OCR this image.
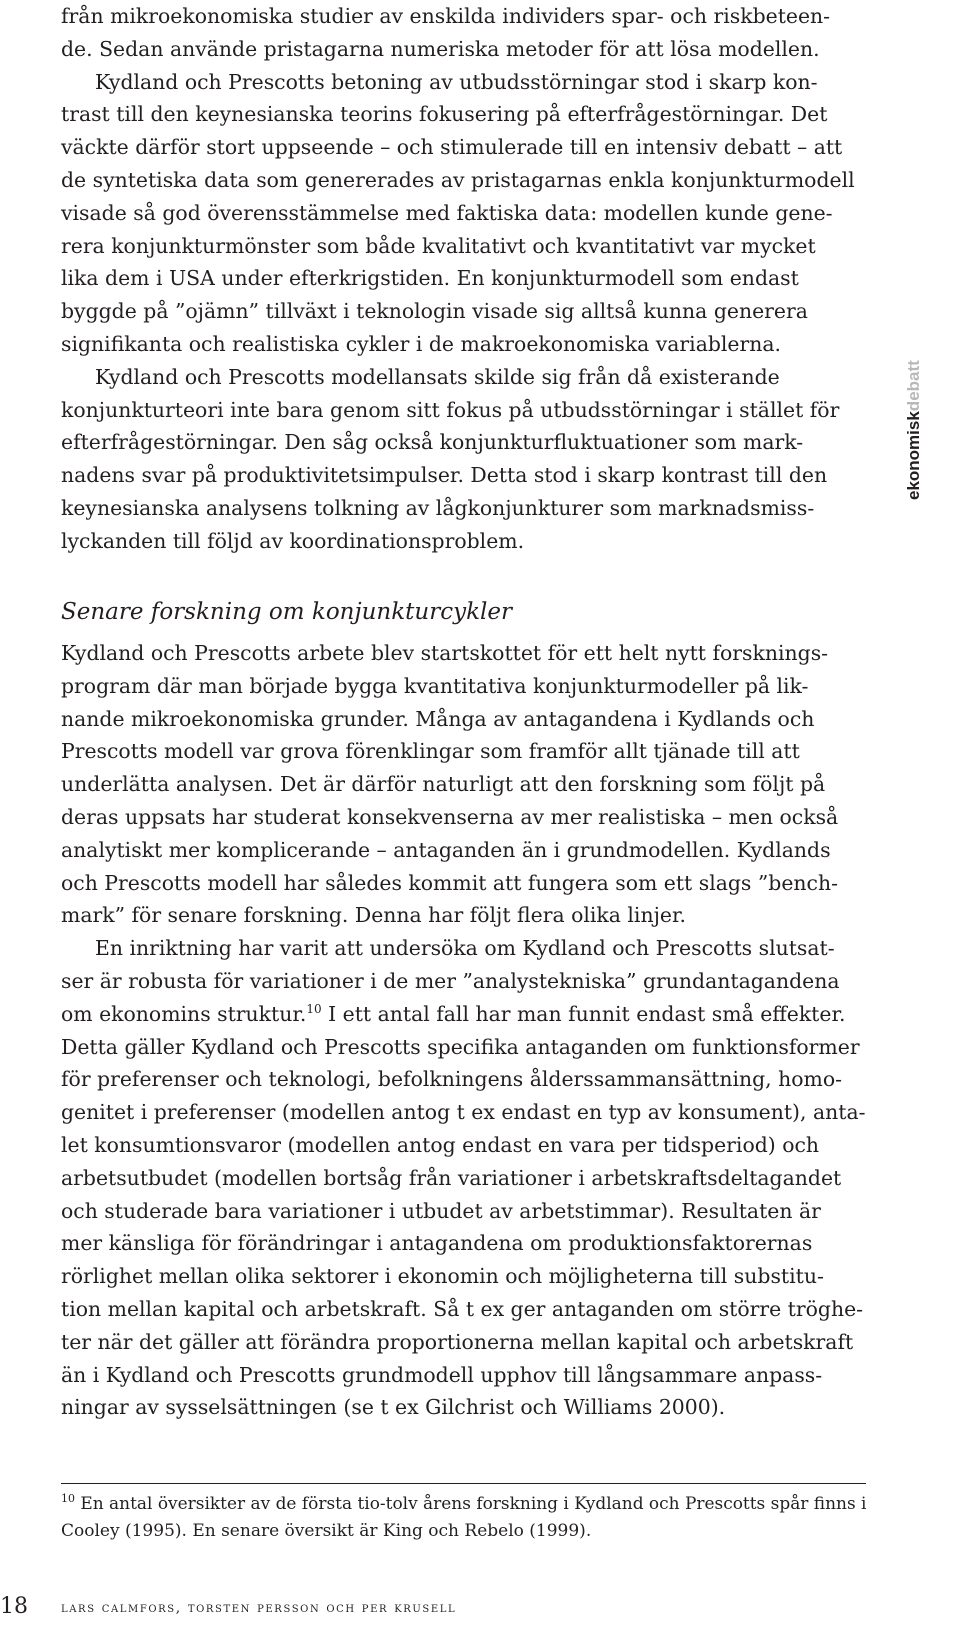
från mikroekonomiska studier av enskilda individers spar- och riskbeteen-
de. Sedan använde pristagarna numeriska metoder för att lösa modellen.
Kydland och Prescotts betoning av utbudsstörningar stod i skarp kon-
trast till den keynesianska teorins fokusering på efterfrågestörningar. Det
väckte därför stort uppseende – och stimulerade till en intensiv debatt – att
de syntetiska data som genererades av pristagarnas enkla konjunkturmodell
visade så god överensstämmelse med faktiska data: modellen kunde gene-
rera konjunkturmönster som både kvalitativt och kvantitativt var mycket
lika dem i USA under efterkrigstiden. En konjunkturmodell som endast
byggde på ”ojämn” tillväxt i teknologin visade sig alltså kunna generera
signifikanta och realistiska cykler i de makroekonomiska variablerna.
Kydland och Prescotts modellansats skilde sig från då existerande
konjunkturteori inte bara genom sitt fokus på utbudsstörningar i stället för
efterfrågestörningar. Den såg också konjunkturfluktuationer som mark-
nadens svar på produktivitetsimpulser. Detta stod i skarp kontrast till den
keynesianska analysens tolkning av lågkonjunkturer som marknadsmiss-
lyckanden till följd av koordinationsproblem.
Senare forskning om konjunkturcykler
Kydland och Prescotts arbete blev startskottet för ett helt nytt forsknings-
program där man började bygga kvantitativa konjunkturmodeller på lik-
nande mikroekonomiska grunder. Många av antagandena i Kydlands och
Prescotts modell var grova förenklingar som framför allt tjänade till att
underlätta analysen. Det är därför naturligt att den forskning som följt på
deras uppsats har studerat konsekvenserna av mer realistiska – men också
analytiskt mer komplicerande – antaganden än i grundmodellen. Kydlands
och Prescotts modell har således kommit att fungera som ett slags ”bench-
mark” för senare forskning. Denna har följt flera olika linjer.
En inriktning har varit att undersöka om Kydland och Prescotts slutsat-
ser är robusta för variationer i de mer ”analystekniska” grundantagandena
om ekonomins struktur.$^{10}$ I ett antal fall har man funnit endast små effekter.
Detta gäller Kydland och Prescotts specifika antaganden om funktionsformer
för preferenser och teknologi, befolkningens ålderssammansättning, homo-
genitet i preferenser (modellen antog t ex endast en typ av konsument), anta-
let konsumtionsvaror (modellen antog endast en vara per tidsperiod) och
arbetsutbudet (modellen bortsåg från variationer i arbetskraftsdeltagandet
och studerade bara variationer i utbudet av arbetstimmar). Resultaten är
mer känsliga för förändringar i antagandena om produktionsfaktorernas
rörlighet mellan olika sektorer i ekonomin och möjligheterna till substitu-
tion mellan kapital och arbetskraft. Så t ex ger antaganden om större tröghe-
ter när det gäller att förändra proportionerna mellan kapital och arbetskraft
än i Kydland och Prescotts grundmodell upphov till långsammare anpass-
ningar av sysselsättningen (se t ex Gilchrist och Williams 2000).
$^{10}$ En antal översikter av de första tio-tolv årens forskning i Kydland och Prescotts spår finns i
Cooley (1995). En senare översikt är King och Rebelo (1999).
ekonomiskdebatt
18 lars calmfors, torsten persson och per krusell
